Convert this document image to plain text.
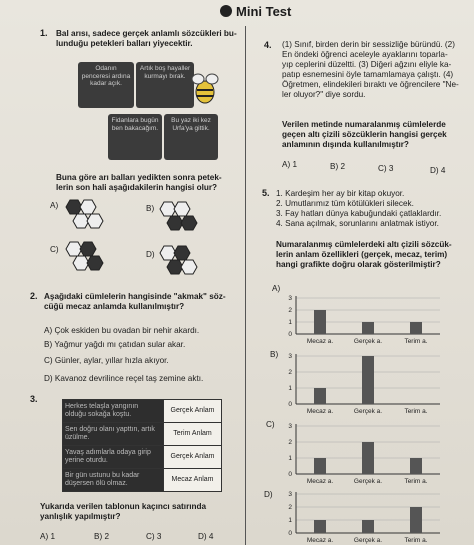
Mini Test
1. Bal arısı, sadece gerçek anlamlı sözcükleri bu-
lunduğu petekleri balları yiyecektir.
Odanın penceresi ardına kadar açık.
Artık boş hayaller kurmayı bırak.
Fidanlara bugün ben bakacağım.
Bu yaz iki kez Urfa'ya gittik.
Buna göre arı balları yedikten sonra petek-
lerin son hali aşağıdakilerin hangisi olur?
A)	B)
C)
D)
2. Aşağıdaki cümlelerin hangisinde "akmak" söz-
cüğü mecaz anlamda kullanılmıştır?
A) Çok eskiden bu ovadan bir nehir akardı.
B) Yağmur yağdı mı çatıdan sular akar.
C) Günler, aylar, yıllar hızla akıyor.
D) Kavanoz devrilince reçel taş zemine aktı.
3.
Herkes telaşla yangının olduğu sokağa koştu.	Gerçek Anlam
Sen doğru olanı yapttın, artık üzülme.	Terim Anlam
Yavaş adımlarla odaya girip yerine oturdu.	Gerçek Anlam
Bir gün ustunu bu kadar düşersen ölü olmaz.	Mecaz Anlam
Yukarıda verilen tablonun kaçıncı satırında
yanlışlık yapılmıştır?
A) 1	B) 2	C) 3	D) 4
4. (1) Sınıf, birden derin bir sessizliğe büründü. (2)
En öndeki öğrenci aceleyle ayaklarını toparla-
yıp ceplerini düzeltti. (3) Diğeri ağzını eliyle ka-
patıp esnemesini öyle tamamlamaya çalıştı. (4)
Öğretmen, elindekileri bıraktı ve öğrencilere "Ne-
ler oluyor?" diye sordu.
Verilen metinde numaralanmış cümlelerde
geçen altı çizili sözcüklerin hangisi gerçek
anlamının dışında kullanılmıştır?
A) 1	B) 2	C) 3	D) 4
5. 1. Kardeşim her ay bir kitap okuyor.
2. Umutlarımız tüm kötülükleri silecek.
3. Fay hatları dünya kabuğundaki çatlaklardır.
4. Sana açılmak, sorunlarını anlatmak istiyor.
Numaralanmış cümlelerdeki altı çizili sözcük-
lerin anlam özellikleri (gerçek, mecaz, terim)
hangi grafikte doğru olarak gösterilmiştir?
A)
0
1
2
3
Mecaz a.	Gerçek a.	Terim a.
B)
0
1
2
3
Mecaz a.	Gerçek a.	Terim a.
C)
0
1
2
3
Mecaz a.	Gerçek a.	Terim a.
D)
0
1
2
3
Mecaz a.	Gerçek a.	Terim a.
